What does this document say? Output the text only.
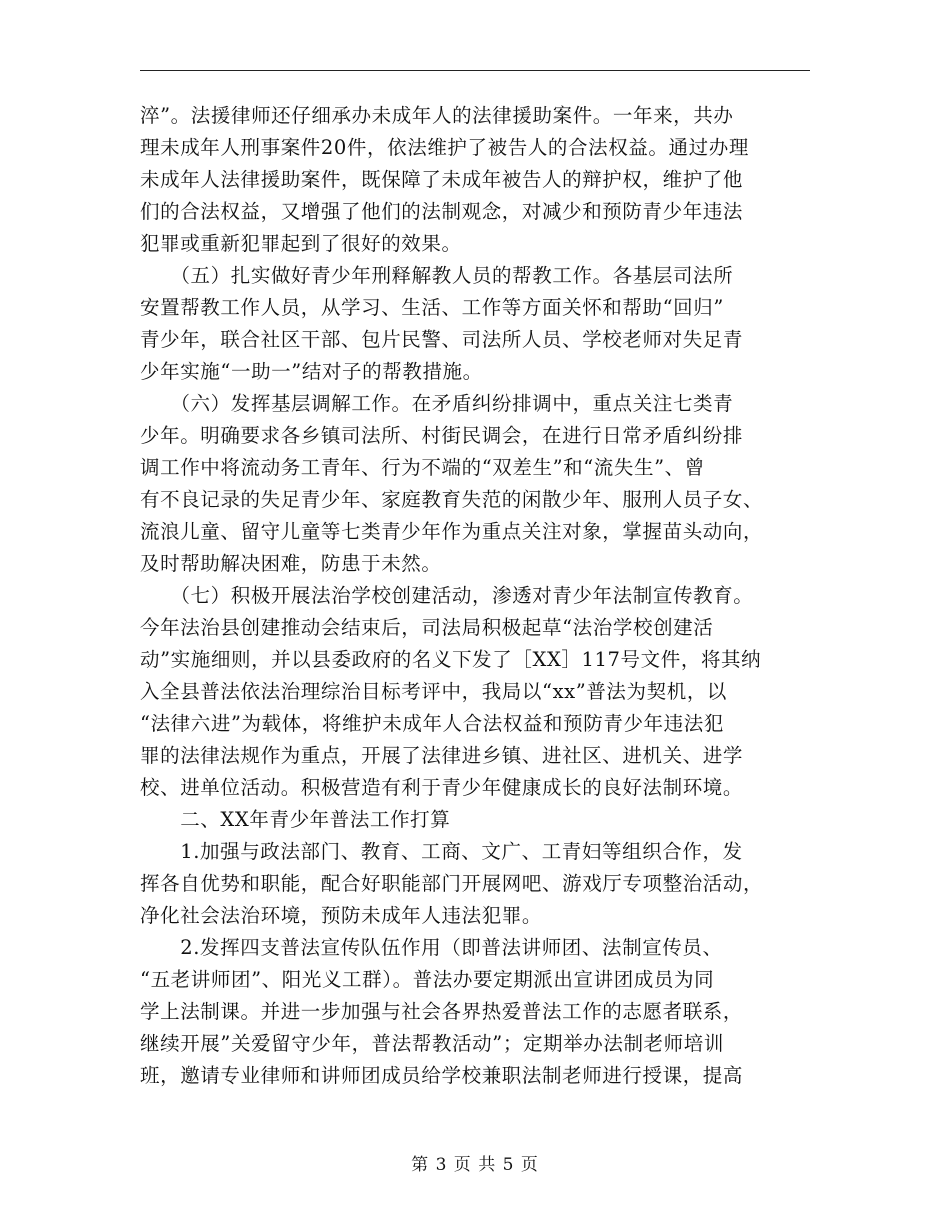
淬”。法援律师还仔细承办未成年人的法律援助案件。一年来，共办
理未成年人刑事案件20件，依法维护了被告人的合法权益。通过办理
未成年人法律援助案件，既保障了未成年被告人的辩护权，维护了他
们的合法权益，又增强了他们的法制观念，对减少和预防青少年违法
犯罪或重新犯罪起到了很好的效果。
　　（五）扎实做好青少年刑释解教人员的帮教工作。各基层司法所
安置帮教工作人员，从学习、生活、工作等方面关怀和帮助“回归”
青少年，联合社区干部、包片民警、司法所人员、学校老师对失足青
少年实施“一助一”结对子的帮教措施。
　　（六）发挥基层调解工作。在矛盾纠纷排调中，重点关注七类青
少年。明确要求各乡镇司法所、村街民调会，在进行日常矛盾纠纷排
调工作中将流动务工青年、行为不端的“双差生”和“流失生”、曾
有不良记录的失足青少年、家庭教育失范的闲散少年、服刑人员子女、
流浪儿童、留守儿童等七类青少年作为重点关注对象，掌握苗头动向，
及时帮助解决困难，防患于未然。
　　（七）积极开展法治学校创建活动，渗透对青少年法制宣传教育。
今年法治县创建推动会结束后，司法局积极起草“法治学校创建活
动”实施细则，并以县委政府的名义下发了［XX］117号文件，将其纳
入全县普法依法治理综治目标考评中，我局以“xx”普法为契机，以
“法律六进”为载体，将维护未成年人合法权益和预防青少年违法犯
罪的法律法规作为重点，开展了法律进乡镇、进社区、进机关、进学
校、进单位活动。积极营造有利于青少年健康成长的良好法制环境。
　　二、XX年青少年普法工作打算
　　1.加强与政法部门、教育、工商、文广、工青妇等组织合作，发
挥各自优势和职能，配合好职能部门开展网吧、游戏厅专项整治活动，
净化社会法治环境，预防未成年人违法犯罪。
　　2.发挥四支普法宣传队伍作用（即普法讲师团、法制宣传员、
“五老讲师团”、阳光义工群）。普法办要定期派出宣讲团成员为同
学上法制课。并进一步加强与社会各界热爱普法工作的志愿者联系，
继续开展”关爱留守少年，普法帮教活动”；定期举办法制老师培训
班，邀请专业律师和讲师团成员给学校兼职法制老师进行授课，提高
第 3 页 共 5 页
